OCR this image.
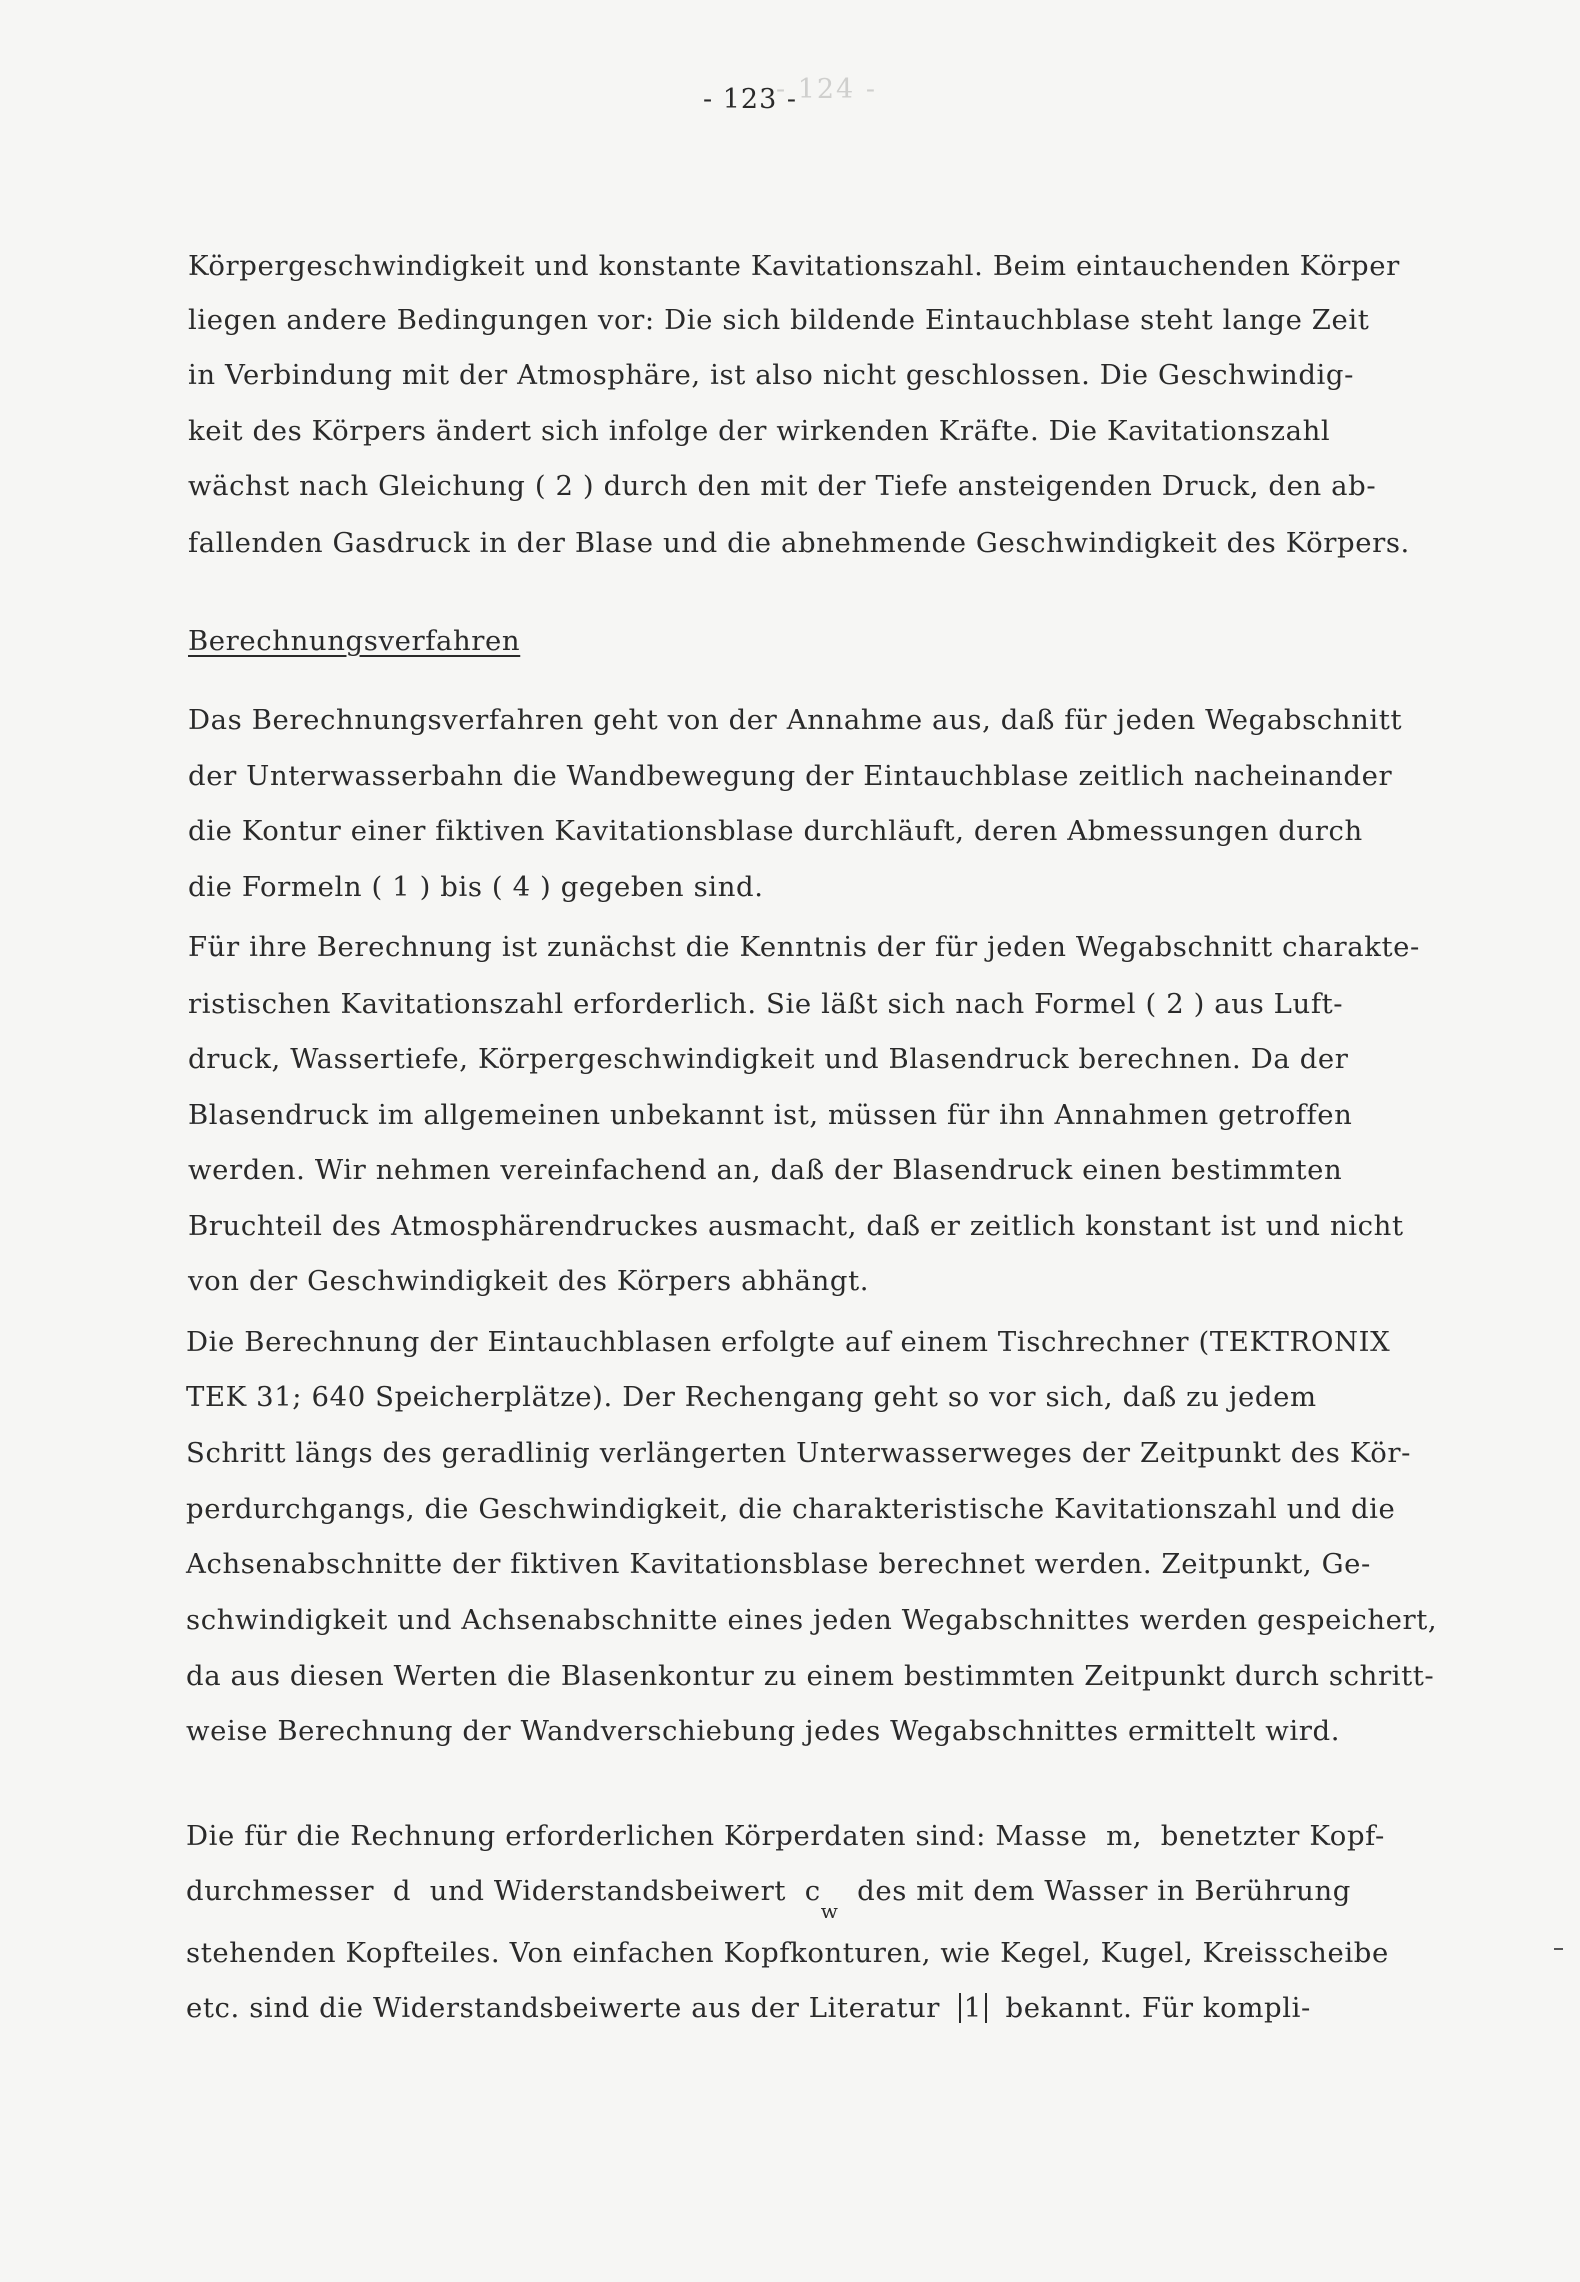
- 123 -
- 124 -
Körpergeschwindigkeit und konstante Kavitationszahl. Beim eintauchenden Körper
liegen andere Bedingungen vor: Die sich bildende Eintauchblase steht lange Zeit
in Verbindung mit der Atmosphäre, ist also nicht geschlossen. Die Geschwindig-
keit des Körpers ändert sich infolge der wirkenden Kräfte. Die Kavitationszahl
wächst nach Gleichung ( 2 ) durch den mit der Tiefe ansteigenden Druck, den ab-
fallenden Gasdruck in der Blase und die abnehmende Geschwindigkeit des Körpers.
Berechnungsverfahren
Das Berechnungsverfahren geht von der Annahme aus, daß für jeden Wegabschnitt
der Unterwasserbahn die Wandbewegung der Eintauchblase zeitlich nacheinander
die Kontur einer fiktiven Kavitationsblase durchläuft, deren Abmessungen durch
die Formeln ( 1 ) bis ( 4 ) gegeben sind.
Für ihre Berechnung ist zunächst die Kenntnis der für jeden Wegabschnitt charakte-
ristischen Kavitationszahl erforderlich. Sie läßt sich nach Formel ( 2 ) aus Luft-
druck, Wassertiefe, Körpergeschwindigkeit und Blasendruck berechnen. Da der
Blasendruck im allgemeinen unbekannt ist, müssen für ihn Annahmen getroffen
werden. Wir nehmen vereinfachend an, daß der Blasendruck einen bestimmten
Bruchteil des Atmosphärendruckes ausmacht, daß er zeitlich konstant ist und nicht
von der Geschwindigkeit des Körpers abhängt.
Die Berechnung der Eintauchblasen erfolgte auf einem Tischrechner (TEKTRONIX
TEK 31; 640 Speicherplätze). Der Rechengang geht so vor sich, daß zu jedem
Schritt längs des geradlinig verlängerten Unterwasserweges der Zeitpunkt des Kör-
perdurchgangs, die Geschwindigkeit, die charakteristische Kavitationszahl und die
Achsenabschnitte der fiktiven Kavitationsblase berechnet werden. Zeitpunkt, Ge-
schwindigkeit und Achsenabschnitte eines jeden Wegabschnittes werden gespeichert,
da aus diesen Werten die Blasenkontur zu einem bestimmten Zeitpunkt durch schritt-
weise Berechnung der Wandverschiebung jedes Wegabschnittes ermittelt wird.
Die für die Rechnung erforderlichen Körperdaten sind: Masse m,  benetzter Kopf-
durchmesser d und Widerstandsbeiwert $c_w$  des mit dem Wasser in Berührung
stehenden Kopfteiles. Von einfachen Kopfkonturen, wie Kegel, Kugel, Kreisscheibe
etc. sind die Widerstandsbeiwerte aus der Literatur 1 bekannt. Für kompli-
